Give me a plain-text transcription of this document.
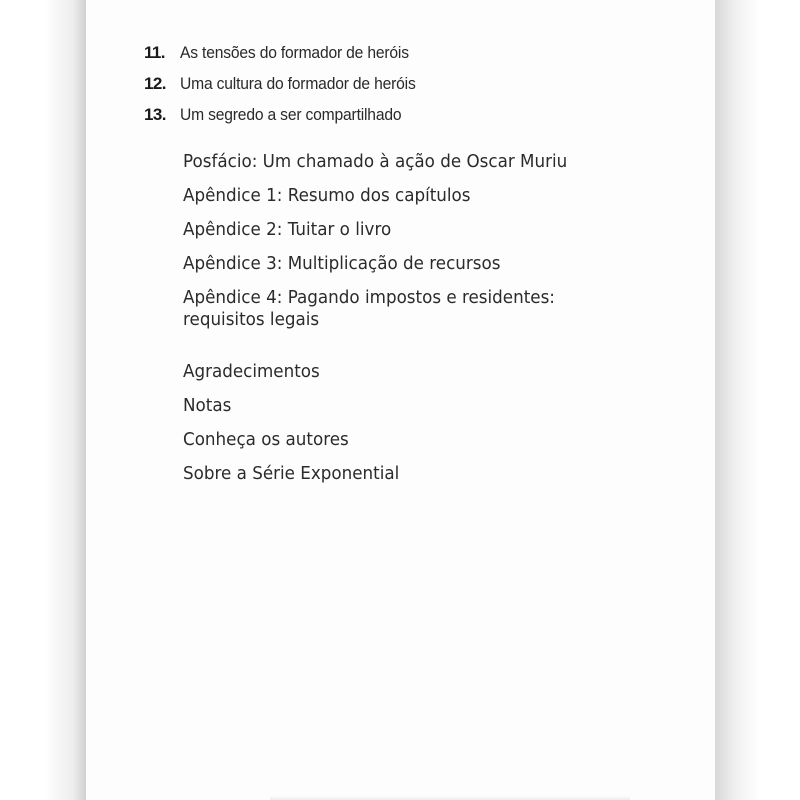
11. As tensões do formador de heróis
12. Uma cultura do formador de heróis
13. Um segredo a ser compartilhado
Posfácio: Um chamado à ação de Oscar Muriu
Apêndice 1: Resumo dos capítulos
Apêndice 2: Tuitar o livro
Apêndice 3: Multiplicação de recursos
Apêndice 4: Pagando impostos e residentes:
requisitos legais
Agradecimentos
Notas
Conheça os autores
Sobre a Série Exponential
